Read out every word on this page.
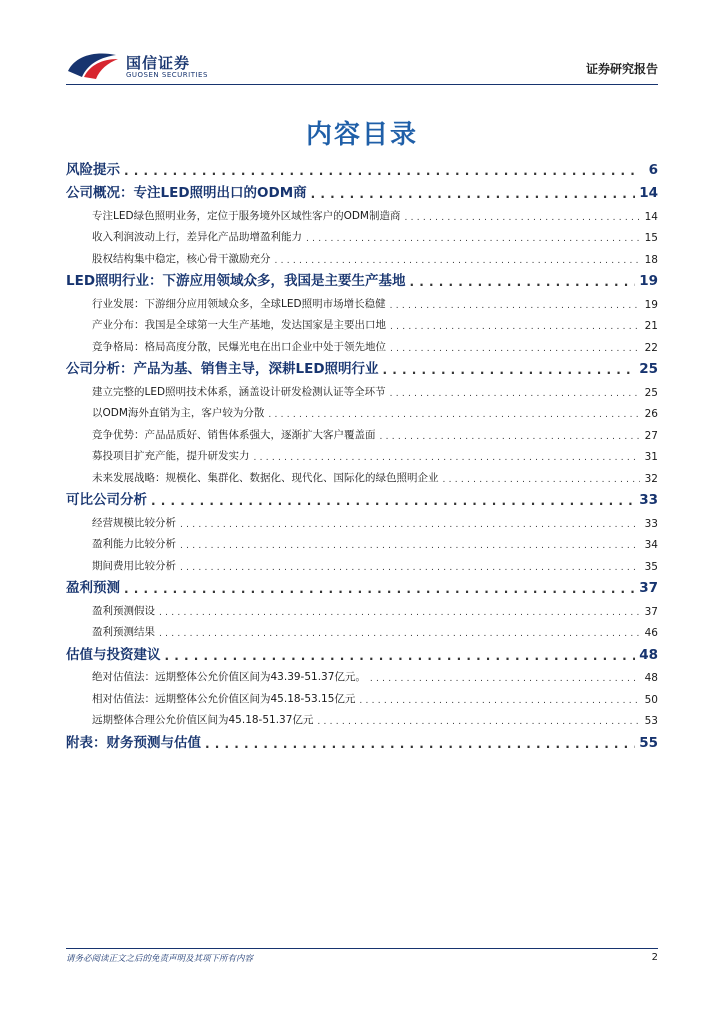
国信证券
GUOSEN SECURITIES	证券研究报告
内容目录
风险提示 . . .	6
公司概况：专注LED照明出口的ODM商 . . .	14
专注LED绿色照明业务，定位于服务境外区域性客户的ODM制造商 . . .	14
收入利润波动上行，差异化产品助增盈利能力 . . .	15
股权结构集中稳定，核心骨干激励充分 . . .	18
LED照明行业：下游应用领域众多，我国是主要生产基地 . . .	19
行业发展：下游细分应用领域众多，全球LED照明市场增长稳健 . . .	19
产业分布：我国是全球第一大生产基地，发达国家是主要出口地 . . .	21
竞争格局：格局高度分散，民爆光电在出口企业中处于领先地位 . . .	22
公司分析：产品为基、销售主导，深耕LED照明行业 . . .	25
建立完整的LED照明技术体系，涵盖设计研发检测认证等全环节 . . .	25
以ODM海外直销为主，客户较为分散 . . .	26
竞争优势：产品品质好、销售体系强大，逐渐扩大客户覆盖面 . . .	27
募投项目扩充产能，提升研发实力 . . .	31
未来发展战略：规模化、集群化、数据化、现代化、国际化的绿色照明企业 . . .	32
可比公司分析 . . .	33
经营规模比较分析 . . .	33
盈利能力比较分析 . . .	34
期间费用比较分析 . . .	35
盈利预测 . . .	37
盈利预测假设 . . .	37
盈利预测结果 . . .	46
估值与投资建议 . . .	48
绝对估值法：远期整体公允价值区间为43.39-51.37亿元。 . . .	48
相对估值法：远期整体公允价值区间为45.18-53.15亿元 . . .	50
远期整体合理公允价值区间为45.18-51.37亿元 . . .	53
附表：财务预测与估值 . . .	55
请务必阅读正文之后的免责声明及其项下所有内容	2
